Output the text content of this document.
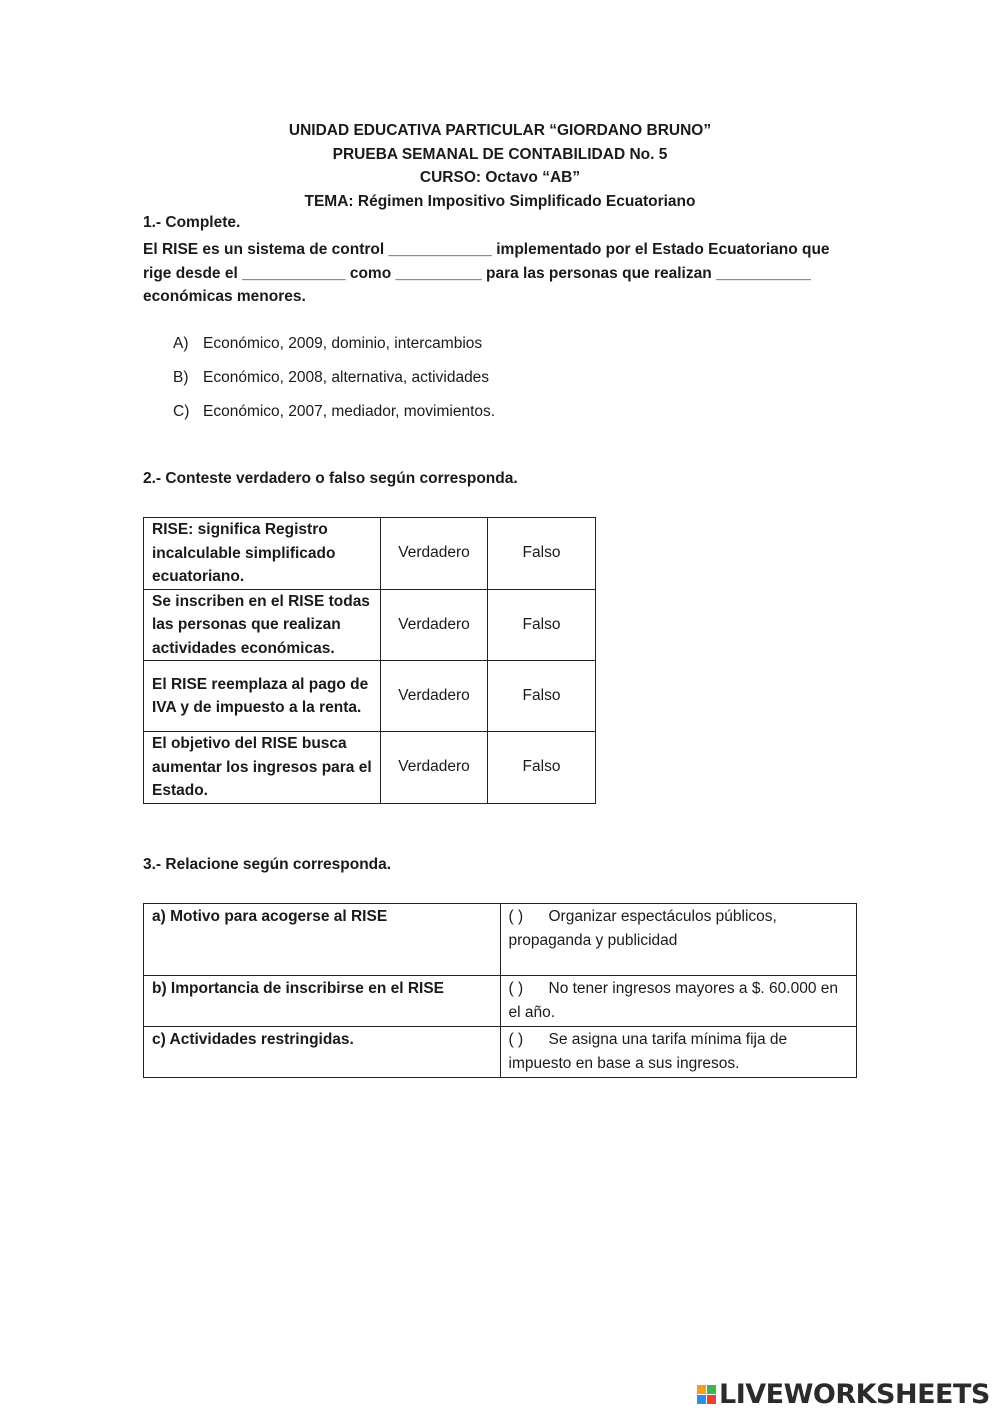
UNIDAD EDUCATIVA PARTICULAR “GIORDANO BRUNO”
PRUEBA SEMANAL DE CONTABILIDAD No. 5
CURSO: Octavo “AB”
TEMA: Régimen Impositivo Simplificado Ecuatoriano
1.- Complete.
El RISE es un sistema de control ____________ implementado por el Estado Ecuatoriano que
rige desde el ____________ como __________ para las personas que realizan ___________
económicas menores.
A) Económico, 2009, dominio, intercambios
B) Económico, 2008, alternativa, actividades
C) Económico, 2007, mediador, movimientos.
2.- Conteste verdadero o falso según corresponda.
RISE: significa Registro incalculable simplificado ecuatoriano.	Verdadero	Falso
Se inscriben en el RISE todas las personas que realizan actividades económicas.	Verdadero	Falso
El RISE reemplaza al pago de IVA y de impuesto a la renta.	Verdadero	Falso
El objetivo del RISE busca aumentar los ingresos para el Estado.	Verdadero	Falso
3.- Relacione según corresponda.
a) Motivo para acogerse al RISE	( ) Organizar espectáculos públicos, propaganda y publicidad
b) Importancia de inscribirse en el RISE	( ) No tener ingresos mayores a $. 60.000 en el año.
c) Actividades restringidas.	( ) Se asigna una tarifa mínima fija de impuesto en base a sus ingresos.
LIVEWORKSHEETS
